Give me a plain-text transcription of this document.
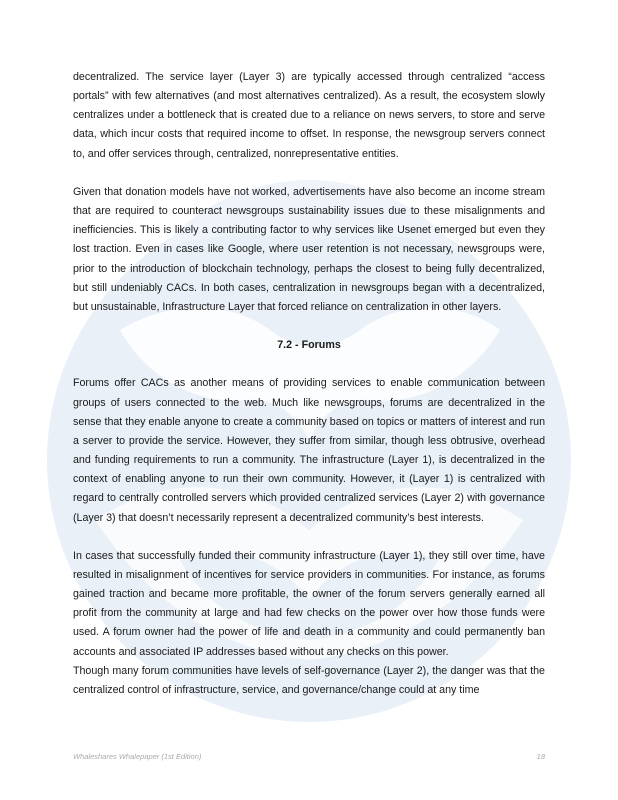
decentralized. The service layer (Layer 3) are typically accessed through centralized “access portals” with few alternatives (and most alternatives centralized). As a result, the ecosystem slowly centralizes under a bottleneck that is created due to a reliance on news servers, to store and serve data, which incur costs that required income to offset. In response, the newsgroup servers connect to, and offer services through, centralized, nonrepresentative entities.

Given that donation models have not worked, advertisements have also become an income stream that are required to counteract newsgroups sustainability issues due to these misalignments and inefficiencies. This is likely a contributing factor to why services like Usenet emerged but even they lost traction. Even in cases like Google, where user retention is not necessary, newsgroups were, prior to the introduction of blockchain technology, perhaps the closest to being fully decentralized, but still undeniably CACs. In both cases, centralization in newsgroups began with a decentralized, but unsustainable, Infrastructure Layer that forced reliance on centralization in other layers.

7.2 - Forums

Forums offer CACs as another means of providing services to enable communication between groups of users connected to the web. Much like newsgroups, forums are decentralized in the sense that they enable anyone to create a community based on topics or matters of interest and run a server to provide the service. However, they suffer from similar, though less obtrusive, overhead and funding requirements to run a community. The infrastructure (Layer 1), is decentralized in the context of enabling anyone to run their own community. However, it (Layer 1) is centralized with regard to centrally controlled servers which provided centralized services (Layer 2) with governance (Layer 3) that doesn’t necessarily represent a decentralized community’s best interests.

In cases that successfully funded their community infrastructure (Layer 1), they still over time, have resulted in misalignment of incentives for service providers in communities. For instance, as forums gained traction and became more profitable, the owner of the forum servers generally earned all profit from the community at large and had few checks on the power over how those funds were used. A forum owner had the power of life and death in a community and could permanently ban accounts and associated IP addresses based without any checks on this power.

Though many forum communities have levels of self-governance (Layer 2), the danger was that the centralized control of infrastructure, service, and governance/change could at any time

Whaleshares Whalepaper (1st Edition)	18
